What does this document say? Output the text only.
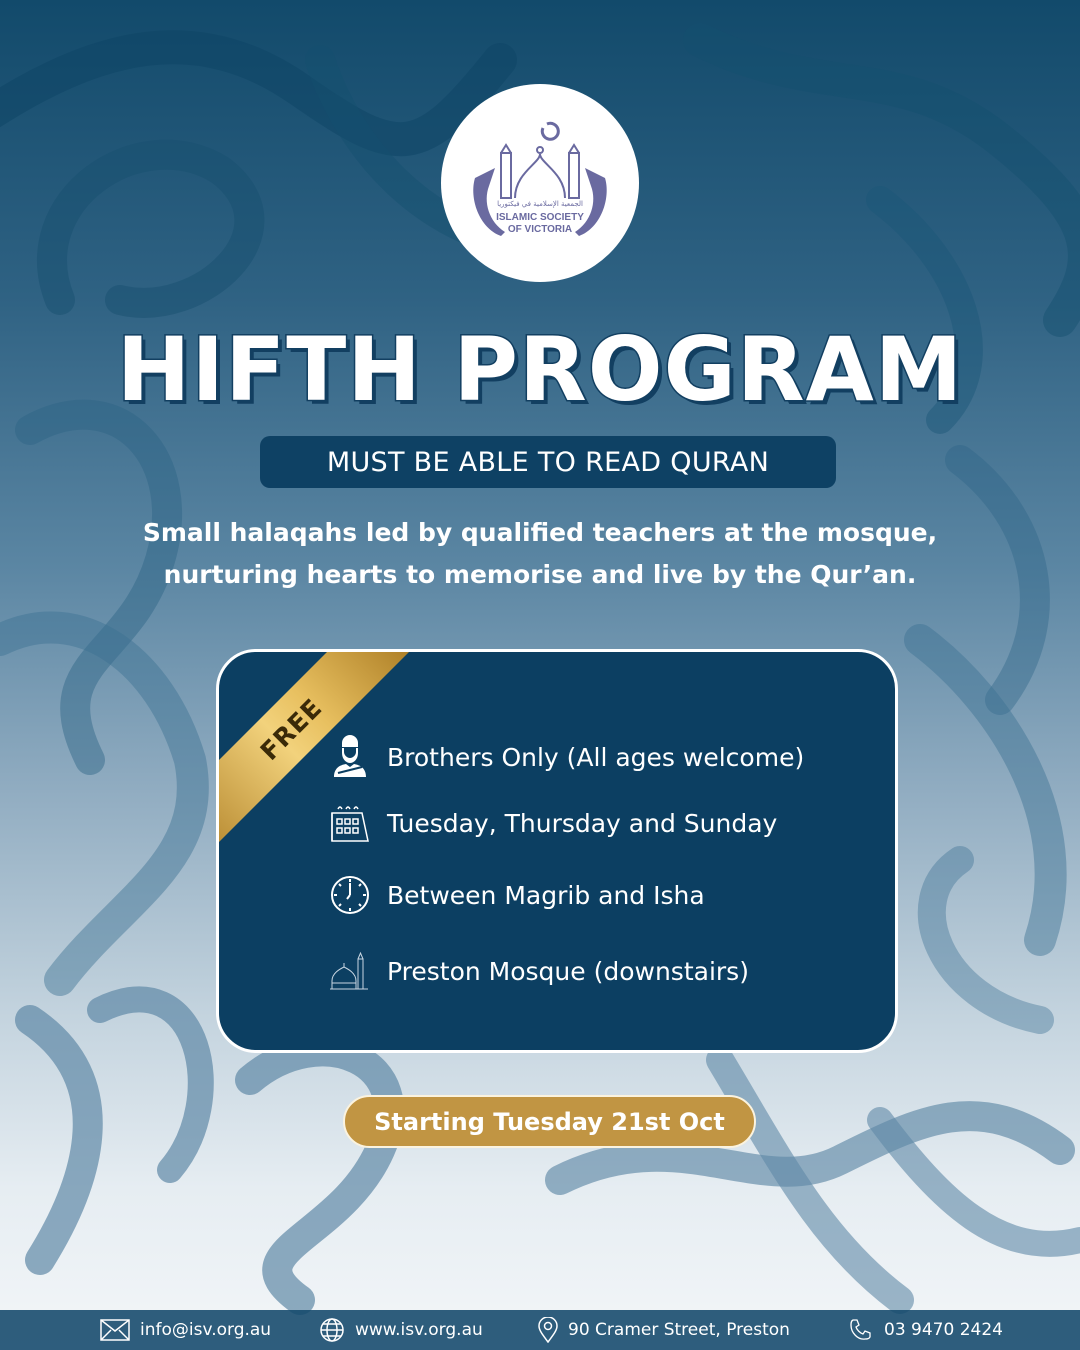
الجمعية الإسلامية في فيكتوريا
ISLAMIC SOCIETY
OF VICTORIA
HIFTH PROGRAM
MUST BE ABLE TO READ QURAN
Small halaqahs led by qualified teachers at the mosque,
nurturing hearts to memorise and live by the Qur’an.
FREE Brothers Only (All ages welcome)
Tuesday, Thursday and Sunday
Between Magrib and Isha
Preston Mosque (downstairs)
Starting Tuesday 21st Oct
info@isv.org.au	www.isv.org.au	90 Cramer Street, Preston	03 9470 2424
